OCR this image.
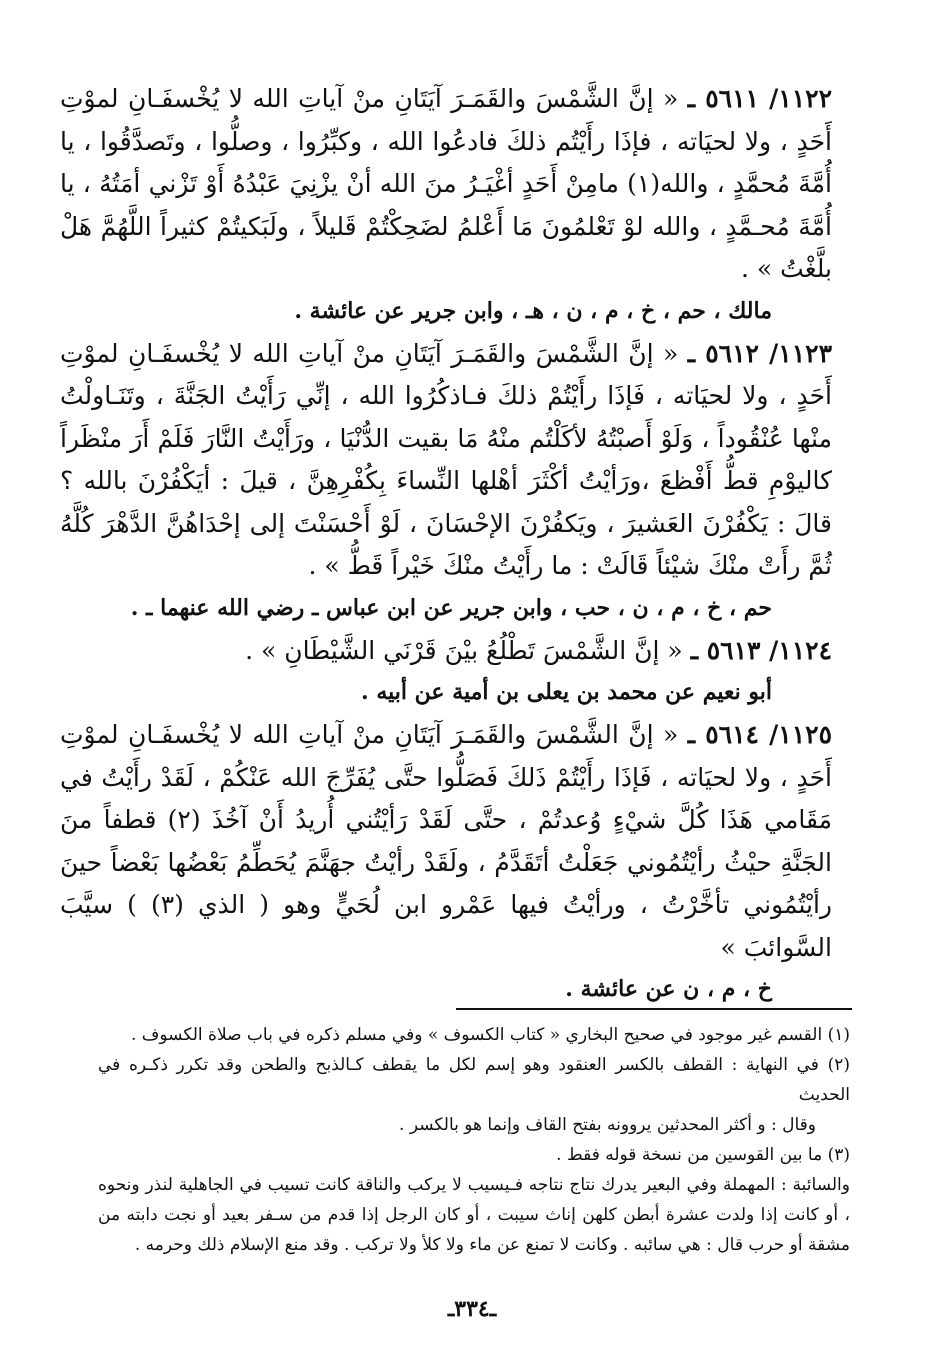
١١٢٢/ ٥٦١١ ـ « إنَّ الشَّمْسَ والقَمَـرَ آيَتَانِ منْ آياتِ الله لا يُخْسفَـانِ لموْتِ أَحَدٍ ، ولا لحيَاته ، فإذَا رأَيْتُم ذلكَ فادعُوا الله ، وكبِّرُوا ، وصلُّوا ، وتَصدَّقُوا ، يا أُمَّةَ مُحمَّدٍ ، والله(١) مامِنْ أَحَدٍ أغْيَـرُ منَ الله أنْ يزْنِيَ عَبْدُهُ أَوْ تَزْني أمَتُهُ ، يا أُمَّةَ مُحـمَّدٍ ، والله لوْ تَعْلمُونَ مَا أَعْلمُ لضَحِكْتُمْ قَليلاً ، ولَبَكيتُمْ كثيراً اللَّهُمَّ هَلْ بلَّغْتُ » .

مالك ، حم ، خ ، م ، ن ، هـ ، وابن جرير عن عائشة .

١١٢٣/ ٥٦١٢ ـ « إنَّ الشَّمْسَ والقَمَـرَ آيَتَانِ منْ آياتِ الله لا يُخْسفَـانِ لموْتِ أَحَدٍ ، ولا لحيَاته ، فَإذَا رأَيْتُمْ ذلكَ فـاذكُرُوا الله ، إنِّي رَأَيْتُ الجَنَّةَ ، وتَنَـاولْتُ منْها عُنْقُوداً ، وَلَوْ أَصبْتُهُ لأكَلْتُم منْهُ مَا بقيت الدُّنْيَا ، ورَأَيْتُ النَّارَ فَلَمْ أَرَ منْظَراً كاليوْمِ قطُّ أَفْظعَ ،ورَأيْتُ أكْثَرَ أهْلها النِّساءَ بِكُفْرِهِنَّ ، قيلَ : أيَكْفُرْنَ بالله ؟ قالَ : يَكْفُرْنَ العَشيرَ ، ويَكفُرْنَ الإحْسَانَ ، لَوْ أَحْسَنْتَ إلى إحْدَاهُنَّ الدَّهْرَ كُلَّهُ ثُمَّ رأَتْ منْكَ شيْئاً قَالَتْ : ما رأَيْتُ منْكَ خَيْراً قَطُّ » .

حم ، خ ، م ، ن ، حب ، وابن جرير عن ابن عباس ـ رضي الله عنهما ـ .

١١٢٤/ ٥٦١٣ ـ « إنَّ الشَّمْسَ تَطْلُعُ بيْنَ قَرْنَي الشَّيْطَانِ » .

أبو نعيم عن محمد بن يعلى بن أمية عن أبيه .

١١٢٥/ ٥٦١٤ ـ « إنَّ الشَّمْسَ والقَمَـرَ آيَتَانِ منْ آياتِ الله لا يُخْسفَـانِ لموْتِ أَحَدٍ ، ولا لحيَاته ، فَإذَا رأَيْتُمْ ذَلكَ فَصَلُّوا حتَّى يُفَرِّجَ الله عَنْكُمْ ، لَقَدْ رأَيْتُ في مَقَامي هَذَا كُلَّ شيْءٍ وُعدتُمْ ، حتَّى لَقَدْ رَأيْتُني أُريدُ أَنْ آخُذَ (٢) قطفاً منَ الجَنَّةِ حيْثُ رأيْتُمُوني جَعَلْتُ أتَقَدَّمُ ، ولَقَدْ رأيْتُ جهَنَّمَ يُحَطِّمُ بَعْضُها بَعْضاً حينَ رأيْتُمُوني تأخَّرْتُ ، ورأيْتُ فيها عَمْرو ابن لُحَيٍّ وهو ( الذي (٣) ) سيَّبَ السَّوائبَ »

خ ، م ، ن عن عائشة .

(١) القسم غير موجود في صحيح البخاري « كتاب الكسوف » وفي مسلم ذكره في باب صلاة الكسوف .

(٢) في النهاية : القطف بالكسر العنقود وهو إسم لكل ما يقطف كـالذبح والطحن وقد تكرر ذكـره في الحديث

وقال : و أكثر المحدثين يروونه بفتح القاف وإنما هو بالكسر .

(٣) ما بين القوسين من نسخة قوله فقط .

والسائبة : المهملة وفي البعير يدرك نتاج نتاجه فـيسيب لا يركب والناقة كانت تسيب في الجاهلية لنذر ونحوه ، أو كانت إذا ولدت عشرة أبطن كلهن إناث سيبت ، أو كان الرجل إذا قدم من سـفر بعيد أو نجت دابته من مشقة أو حرب قال : هي سائبه . وكانت لا تمنع عن ماء ولا كلأ ولا تركب . وقد منع الإسلام ذلك وحرمه .

ـ٣٣٤ـ
